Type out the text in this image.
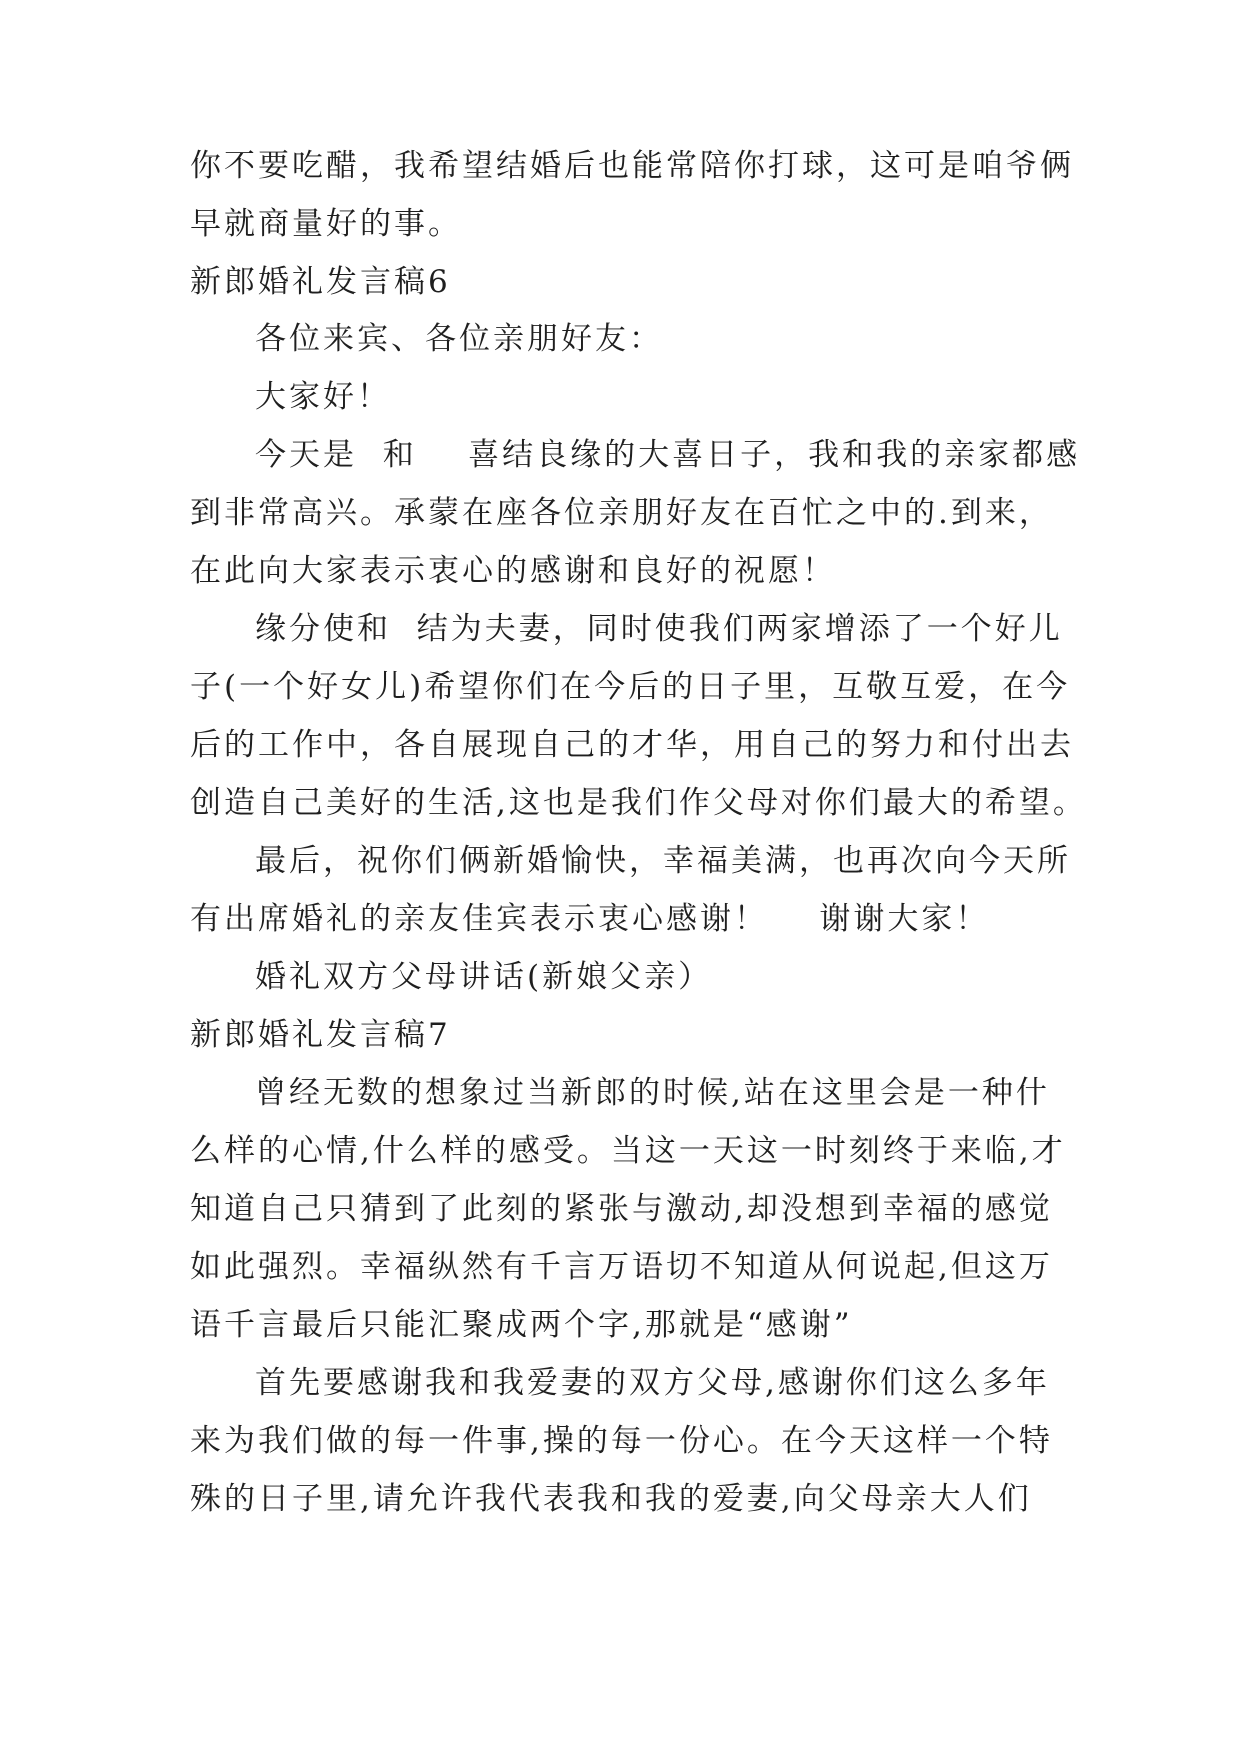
你不要吃醋，我希望结婚后也能常陪你打球，这可是咱爷俩
早就商量好的事。
新郎婚礼发言稿6
各位来宾、各位亲朋好友：
大家好！
今天是  和    喜结良缘的大喜日子，我和我的亲家都感
到非常高兴。承蒙在座各位亲朋好友在百忙之中的.到来，
在此向大家表示衷心的感谢和良好的祝愿！
缘分使和  结为夫妻，同时使我们两家增添了一个好儿
子(一个好女儿)希望你们在今后的日子里，互敬互爱，在今
后的工作中，各自展现自己的才华，用自己的努力和付出去
创造自己美好的生活,这也是我们作父母对你们最大的希望。
最后，祝你们俩新婚愉快，幸福美满，也再次向今天所
有出席婚礼的亲友佳宾表示衷心感谢！    谢谢大家！
婚礼双方父母讲话(新娘父亲）
新郎婚礼发言稿7
曾经无数的想象过当新郎的时候,站在这里会是一种什
么样的心情,什么样的感受。当这一天这一时刻终于来临,才
知道自己只猜到了此刻的紧张与激动,却没想到幸福的感觉
如此强烈。幸福纵然有千言万语切不知道从何说起,但这万
语千言最后只能汇聚成两个字,那就是“感谢”
首先要感谢我和我爱妻的双方父母,感谢你们这么多年
来为我们做的每一件事,操的每一份心。在今天这样一个特
殊的日子里,请允许我代表我和我的爱妻,向父母亲大人们
